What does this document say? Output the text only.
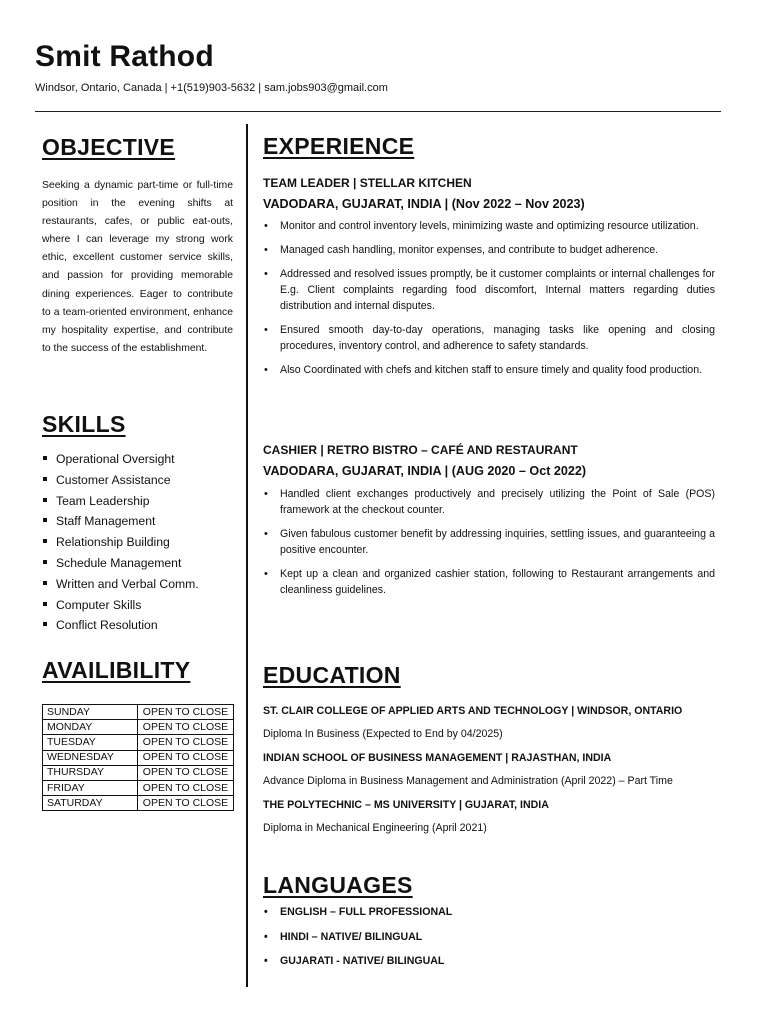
Smit Rathod
Windsor, Ontario, Canada | +1(519)903-5632 | sam.jobs903@gmail.com
OBJECTIVE
Seeking a dynamic part-time or full-time position in the evening shifts at restaurants, cafes, or public eat-outs, where I can leverage my strong work ethic, excellent customer service skills, and passion for providing memorable dining experiences. Eager to contribute to a team-oriented environment, enhance my hospitality expertise, and contribute to the success of the establishment.
SKILLS
Operational Oversight
Customer Assistance
Team Leadership
Staff Management
Relationship Building
Schedule Management
Written and Verbal Comm.
Computer Skills
Conflict Resolution
AVAILIBILITY
SUNDAY	OPEN TO CLOSE
MONDAY	OPEN TO CLOSE
TUESDAY	OPEN TO CLOSE
WEDNESDAY	OPEN TO CLOSE
THURSDAY	OPEN TO CLOSE
FRIDAY	OPEN TO CLOSE
SATURDAY	OPEN TO CLOSE
EXPERIENCE
TEAM LEADER | STELLAR KITCHEN
VADODARA, GUJARAT, INDIA | (Nov 2022 – Nov 2023)
• Monitor and control inventory levels, minimizing waste and optimizing resource utilization.
• Managed cash handling, monitor expenses, and contribute to budget adherence.
• Addressed and resolved issues promptly, be it customer complaints or internal challenges for E.g. Client complaints regarding food discomfort, Internal matters regarding duties distribution and internal disputes.
• Ensured smooth day-to-day operations, managing tasks like opening and closing procedures, inventory control, and adherence to safety standards.
• Also Coordinated with chefs and kitchen staff to ensure timely and quality food production.
CASHIER | RETRO BISTRO – CAFÉ AND RESTAURANT
VADODARA, GUJARAT, INDIA | (AUG 2020 – Oct 2022)
• Handled client exchanges productively and precisely utilizing the Point of Sale (POS) framework at the checkout counter.
• Given fabulous customer benefit by addressing inquiries, settling issues, and guaranteeing a positive encounter.
• Kept up a clean and organized cashier station, following to Restaurant arrangements and cleanliness guidelines.
EDUCATION
ST. CLAIR COLLEGE OF APPLIED ARTS AND TECHNOLOGY | WINDSOR, ONTARIO
Diploma In Business (Expected to End by 04/2025)
INDIAN SCHOOL OF BUSINESS MANAGEMENT | RAJASTHAN, INDIA
Advance Diploma in Business Management and Administration (April 2022) – Part Time
THE POLYTECHNIC – MS UNIVERSITY | GUJARAT, INDIA
Diploma in Mechanical Engineering (April 2021)
LANGUAGES
• ENGLISH – FULL PROFESSIONAL
• HINDI – NATIVE/ BILINGUAL
• GUJARATI - NATIVE/ BILINGUAL
